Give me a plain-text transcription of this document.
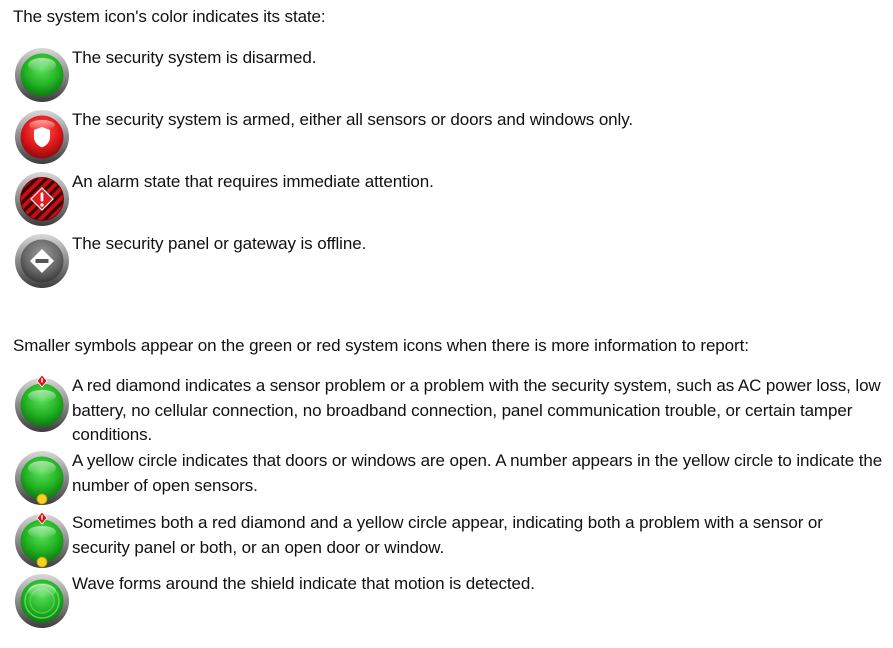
The system icon's color indicates its state:
The security system is disarmed.
The security system is armed, either all sensors or doors and windows only.
An alarm state that requires immediate attention.
The security panel or gateway is offline.
Smaller symbols appear on the green or red system icons when there is more information to report:
A red diamond indicates a sensor problem or a problem with the security system, such as AC power loss, low battery, no cellular connection, no broadband connection, panel communication trouble, or certain tamper conditions.
A yellow circle indicates that doors or windows are open. A number appears in the yellow circle to indicate the number of open sensors.
Sometimes both a red diamond and a yellow circle appear, indicating both a problem with a sensor or security panel or both, or an open door or window.
Wave forms around the shield indicate that motion is detected.
